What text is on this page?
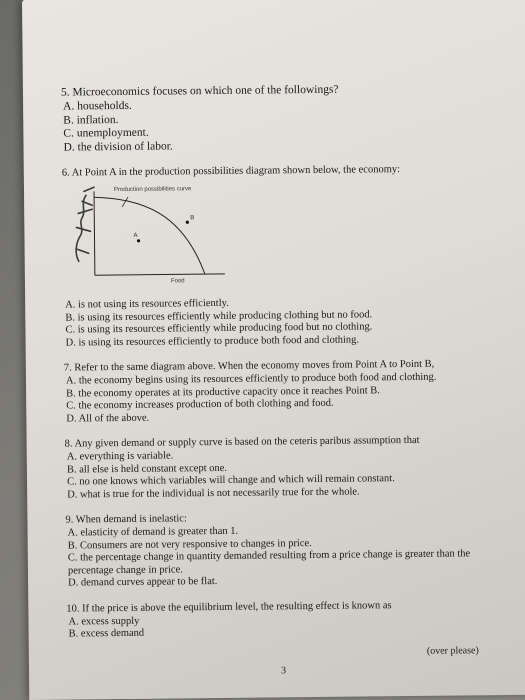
5. Microeconomics focuses on which one of the followings?

A. households.
B. inflation.
C. unemployment.
D. the division of labor.

6. At Point A in the production possibilities diagram shown below, the economy:

Production possibilities curve
A
B
Food
A. is not using its resources efficiently.
B. is using its resources efficiently while producing clothing but no food.
C. is using its resources efficiently while producing food but no clothing.
D. is using its resources efficiently to produce both food and clothing.

7. Refer to the same diagram above. When the economy moves from Point A to Point B,

A. the economy begins using its resources efficiently to produce both food and clothing.
B. the economy operates at its productive capacity once it reaches Point B.
C. the economy increases production of both clothing and food.
D. All of the above.

8. Any given demand or supply curve is based on the ceteris paribus assumption that

A. everything is variable.
B. all else is held constant except one.
C. no one knows which variables will change and which will remain constant.
D. what is true for the individual is not necessarily true for the whole.

9. When demand is inelastic:

A. elasticity of demand is greater than 1.
B. Consumers are not very responsive to changes in price.
C. the percentage change in quantity demanded resulting from a price change is greater than the percentage change in price.
D. demand curves appear to be flat.

10. If the price is above the equilibrium level, the resulting effect is known as

A. excess supply
B. excess demand
(over please)
3
